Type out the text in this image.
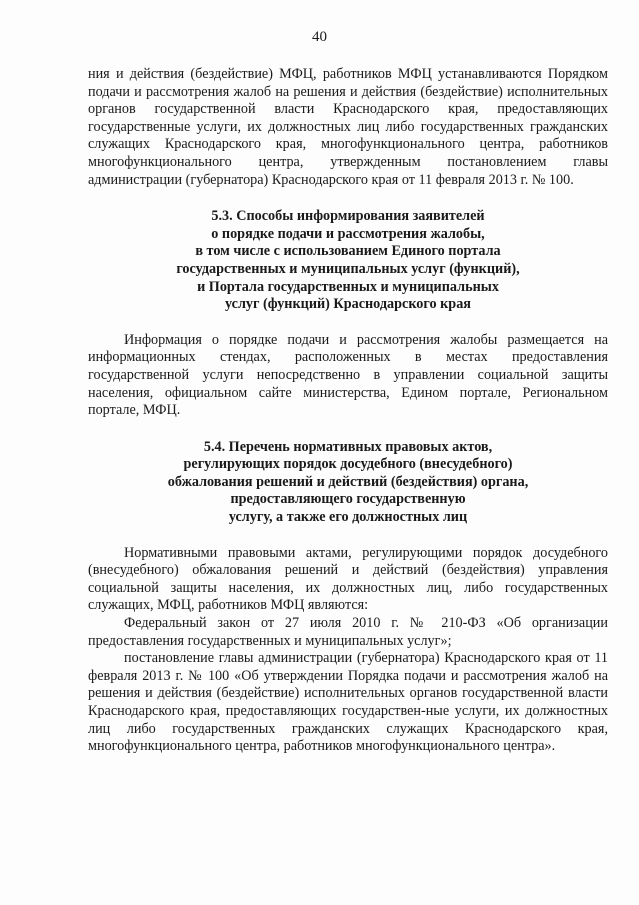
40

ния и действия (бездействие) МФЦ, работников МФЦ устанавливаются Порядком подачи и рассмотрения жалоб на решения и действия (бездействие) исполнительных органов государственной власти Краснодарского края, предоставляющих государственные услуги, их должностных лиц либо государственных гражданских служащих Краснодарского края, многофункционального центра, работников многофункционального центра, утвержденным постановлением главы администрации (губернатора) Краснодарского края от 11 февраля 2013 г. № 100.

5.3. Способы информирования заявителей
о порядке подачи и рассмотрения жалобы,
в том числе с использованием Единого портала
государственных и муниципальных услуг (функций),
и Портала государственных и муниципальных
услуг (функций) Краснодарского края

Информация о порядке подачи и рассмотрения жалобы размещается на информационных стендах, расположенных в местах предоставления государственной услуги непосредственно в управлении социальной защиты населения, официальном сайте министерства, Едином портале, Региональном портале, МФЦ.

5.4. Перечень нормативных правовых актов,
регулирующих порядок досудебного (внесудебного)
обжалования решений и действий (бездействия) органа,
предоставляющего государственную
услугу, а также его должностных лиц

Нормативными правовыми актами, регулирующими порядок досудебного (внесудебного) обжалования решений и действий (бездействия) управления социальной защиты населения, их должностных лиц, либо государственных служащих, МФЦ, работников МФЦ являются:

Федеральный закон от 27 июля 2010 г. № 210-ФЗ «Об организации предоставления государственных и муниципальных услуг»;

постановление главы администрации (губернатора) Краснодарского края от 11 февраля 2013 г. № 100 «Об утверждении Порядка подачи и рассмотрения жалоб на решения и действия (бездействие) исполнительных органов государственной власти Краснодарского края, предоставляющих государствен-ные услуги, их должностных лиц либо государственных гражданских служащих Краснодарского края, многофункционального центра, работников многофункционального центра».
